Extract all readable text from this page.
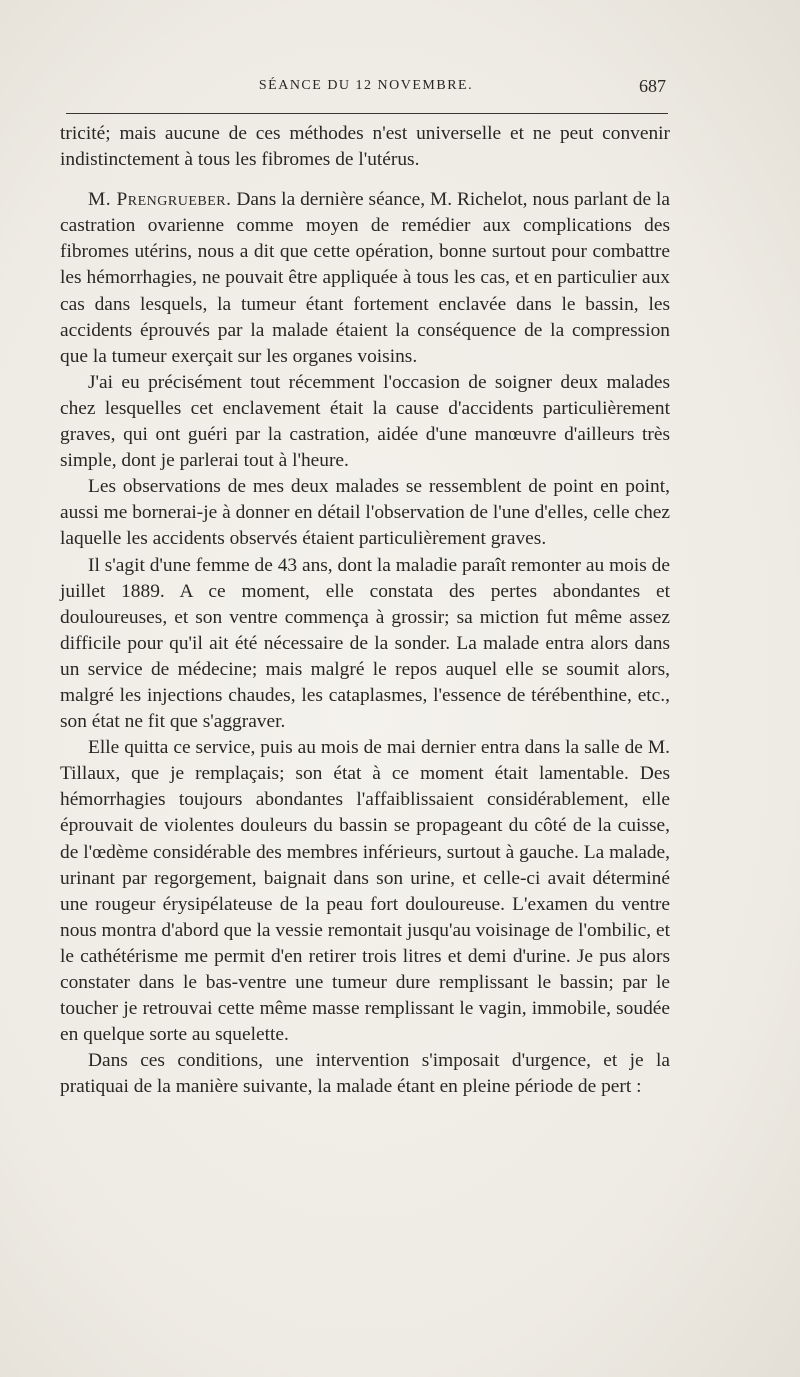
SÉANCE DU 12 NOVEMBRE.	687

tricité; mais aucune de ces méthodes n'est universelle et ne peut convenir indistinctement à tous les fibromes de l'utérus.

M. Prengrueber. Dans la dernière séance, M. Richelot, nous parlant de la castration ovarienne comme moyen de remédier aux complications des fibromes utérins, nous a dit que cette opération, bonne surtout pour combattre les hémorrhagies, ne pouvait être appliquée à tous les cas, et en particulier aux cas dans lesquels, la tumeur étant fortement enclavée dans le bassin, les accidents éprouvés par la malade étaient la conséquence de la compression que la tumeur exerçait sur les organes voisins.

J'ai eu précisément tout récemment l'occasion de soigner deux malades chez lesquelles cet enclavement était la cause d'accidents particulièrement graves, qui ont guéri par la castration, aidée d'une manœuvre d'ailleurs très simple, dont je parlerai tout à l'heure.

Les observations de mes deux malades se ressemblent de point en point, aussi me bornerai-je à donner en détail l'observation de l'une d'elles, celle chez laquelle les accidents observés étaient particulièrement graves.

Il s'agit d'une femme de 43 ans, dont la maladie paraît remonter au mois de juillet 1889. A ce moment, elle constata des pertes abondantes et douloureuses, et son ventre commença à grossir; sa miction fut même assez difficile pour qu'il ait été nécessaire de la sonder. La malade entra alors dans un service de médecine; mais malgré le repos auquel elle se soumit alors, malgré les injections chaudes, les cataplasmes, l'essence de térébenthine, etc., son état ne fit que s'aggraver.

Elle quitta ce service, puis au mois de mai dernier entra dans la salle de M. Tillaux, que je remplaçais; son état à ce moment était lamentable. Des hémorrhagies toujours abondantes l'affaiblissaient considérablement, elle éprouvait de violentes douleurs du bassin se propageant du côté de la cuisse, de l'œdème considérable des membres inférieurs, surtout à gauche. La malade, urinant par regorgement, baignait dans son urine, et celle-ci avait déterminé une rougeur érysipélateuse de la peau fort douloureuse. L'examen du ventre nous montra d'abord que la vessie remontait jusqu'au voisinage de l'ombilic, et le cathétérisme me permit d'en retirer trois litres et demi d'urine. Je pus alors constater dans le bas-ventre une tumeur dure remplissant le bassin; par le toucher je retrouvai cette même masse remplissant le vagin, immobile, soudée en quelque sorte au squelette.

Dans ces conditions, une intervention s'imposait d'urgence, et je la pratiquai de la manière suivante, la malade étant en pleine période de pert :
